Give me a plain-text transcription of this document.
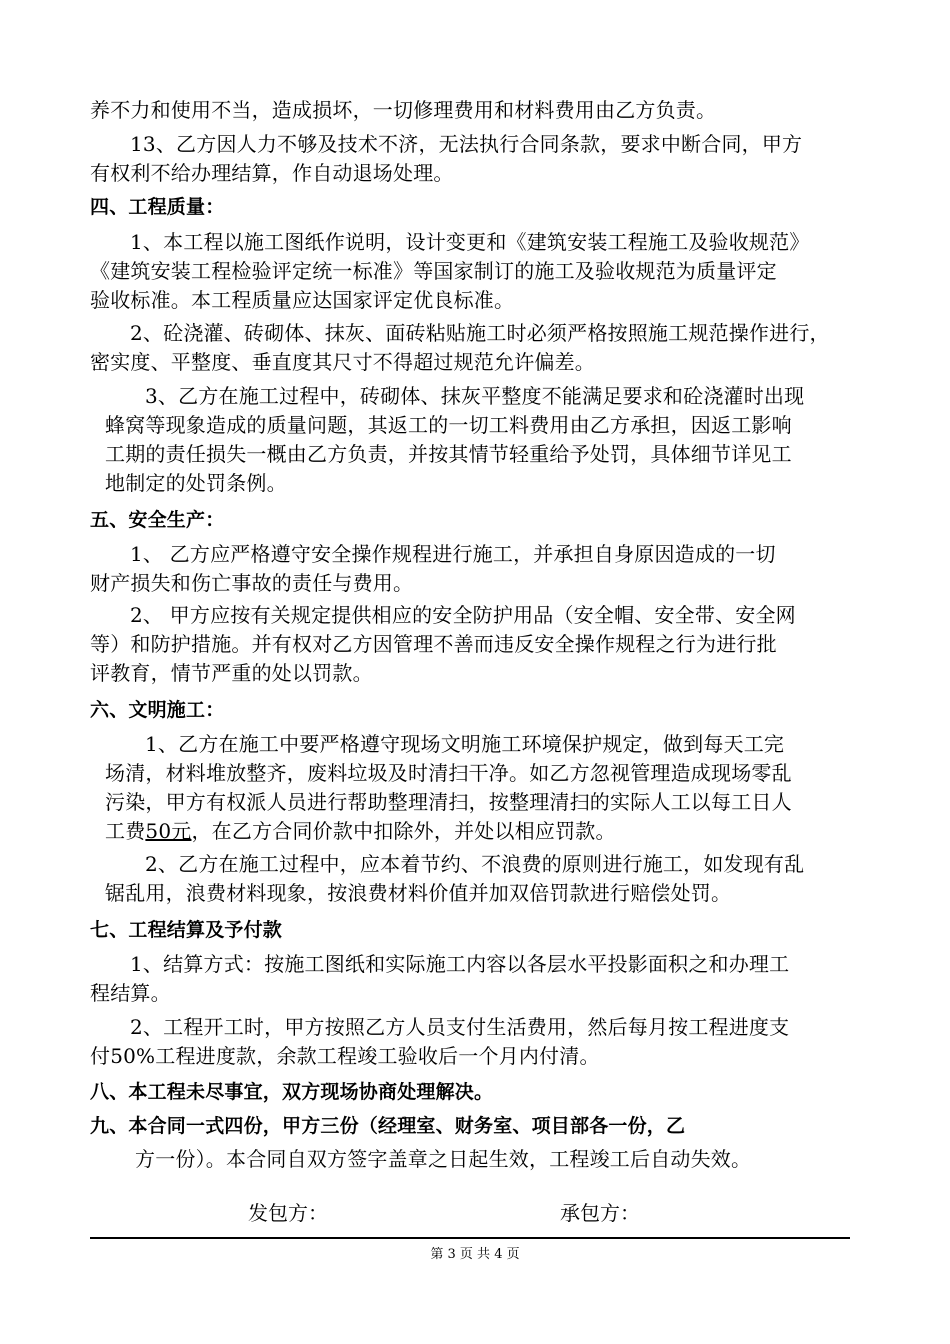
养不力和使用不当，造成损坏，一切修理费用和材料费用由乙方负责。
13、乙方因人力不够及技术不济，无法执行合同条款，要求中断合同，甲方
有权利不给办理结算，作自动退场处理。
四、工程质量：
1、本工程以施工图纸作说明，设计变更和《建筑安装工程施工及验收规范》
《建筑安装工程检验评定统一标准》等国家制订的施工及验收规范为质量评定
验收标准。本工程质量应达国家评定优良标准。
2、砼浇灌、砖砌体、抹灰、面砖粘贴施工时必须严格按照施工规范操作进行，
密实度、平整度、垂直度其尺寸不得超过规范允许偏差。
3、乙方在施工过程中，砖砌体、抹灰平整度不能满足要求和砼浇灌时出现
蜂窝等现象造成的质量问题，其返工的一切工料费用由乙方承担，因返工影响
工期的责任损失一概由乙方负责，并按其情节轻重给予处罚，具体细节详见工
地制定的处罚条例。
五、安全生产：
1、 乙方应严格遵守安全操作规程进行施工，并承担自身原因造成的一切
财产损失和伤亡事故的责任与费用。
2、 甲方应按有关规定提供相应的安全防护用品（安全帽、安全带、安全网
等）和防护措施。并有权对乙方因管理不善而违反安全操作规程之行为进行批
评教育，情节严重的处以罚款。
六、文明施工：
1、乙方在施工中要严格遵守现场文明施工环境保护规定，做到每天工完
场清，材料堆放整齐，废料垃圾及时清扫干净。如乙方忽视管理造成现场零乱
污染，甲方有权派人员进行帮助整理清扫，按整理清扫的实际人工以每工日人
工费50元，在乙方合同价款中扣除外，并处以相应罚款。
2、乙方在施工过程中，应本着节约、不浪费的原则进行施工，如发现有乱
锯乱用，浪费材料现象，按浪费材料价值并加双倍罚款进行赔偿处罚。
七、工程结算及予付款
1、结算方式：按施工图纸和实际施工内容以各层水平投影面积之和办理工
程结算。
2、工程开工时，甲方按照乙方人员支付生活费用，然后每月按工程进度支
付50%工程进度款，余款工程竣工验收后一个月内付清。
八、本工程未尽事宜，双方现场协商处理解决。
九、本合同一式四份，甲方三份（经理室、财务室、项目部各一份，乙
方一份）。本合同自双方签字盖章之日起生效，工程竣工后自动失效。
发包方：	承包方：
第 3 页 共 4 页
